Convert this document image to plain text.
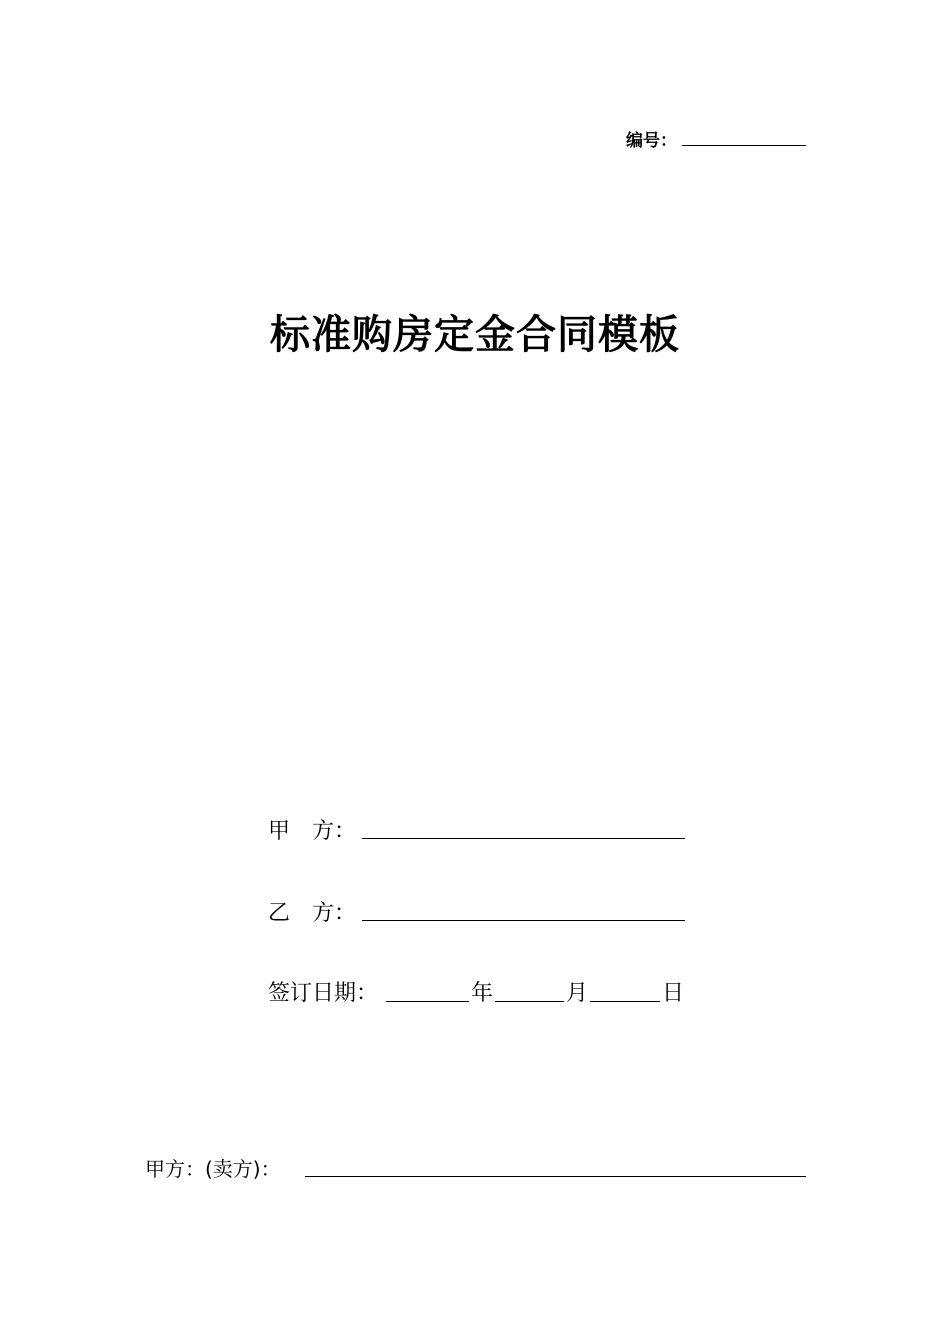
编号：
标准购房定金合同模板
甲　方：
乙　方：
签订日期：	年	月	日
甲方：(卖方)：
